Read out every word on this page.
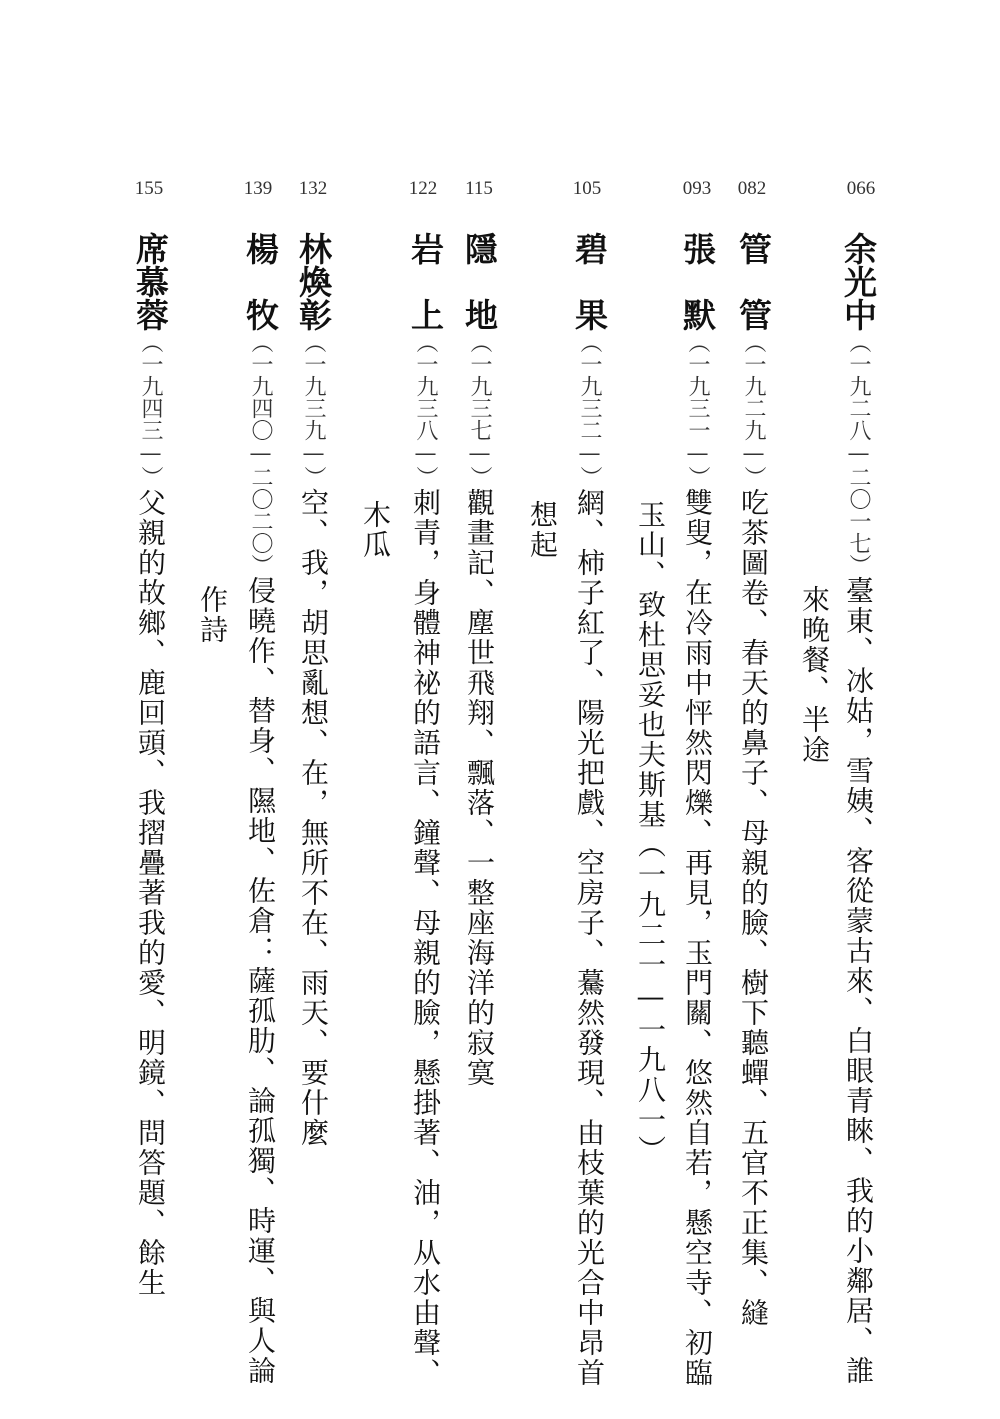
066
余光中（一九二八—二〇一七）臺東、冰姑，雪姨、客從蒙古來、白眼青睞、我的小鄰居、誰
來晚餐、半途
082
管　管（一九二九—）吃茶圖卷、春天的鼻子、母親的臉、樹下聽蟬、五官不正集、縫
093
張　默（一九三一—）雙叟，在冷雨中怦然閃爍、再見，玉門關、悠然自若，懸空寺、初臨
玉山、致杜思妥也夫斯基（一九二一—一九八一）
105
碧　果（一九三二—）網、柿子紅了、陽光把戲、空房子、驀然發現、由枝葉的光合中昂首
想起
115
隱　地（一九三七—）觀畫記、塵世飛翔、飄落、一整座海洋的寂寞
122
岩　上（一九三八—）刺青，身體神祕的語言、鐘聲、母親的臉，懸掛著、油，从水由聲、
木瓜
132
林煥彰（一九三九—）空、我，胡思亂想、在，無所不在、雨天、要什麼
139
楊　牧（一九四〇—二〇二〇）侵曉作、替身、隰地、佐倉：薩孤肋、論孤獨、時運、與人論
作詩
155
席慕蓉（一九四三—）父親的故鄉、鹿回頭、我摺疊著我的愛、明鏡、問答題、餘生
